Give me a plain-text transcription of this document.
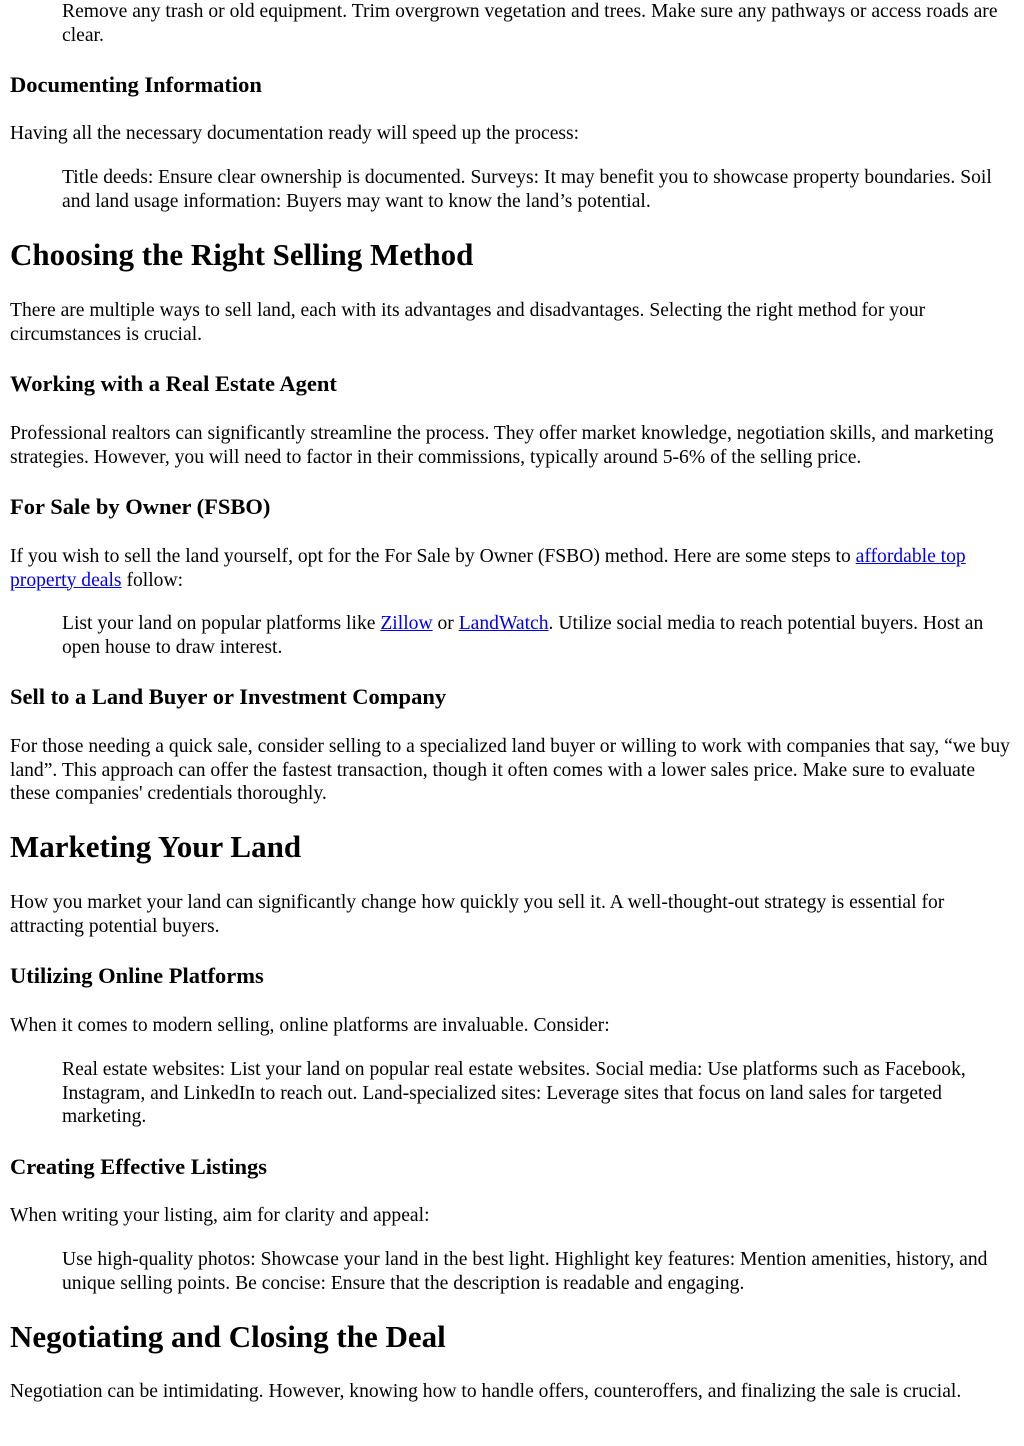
Remove any trash or old equipment. Trim overgrown vegetation and trees. Make sure any pathways or access roads are clear.

Documenting Information

Having all the necessary documentation ready will speed up the process:

Title deeds: Ensure clear ownership is documented. Surveys: It may benefit you to showcase property boundaries. Soil and land usage information: Buyers may want to know the land’s potential.

Choosing the Right Selling Method

There are multiple ways to sell land, each with its advantages and disadvantages. Selecting the right method for your circumstances is crucial.

Working with a Real Estate Agent

Professional realtors can significantly streamline the process. They offer market knowledge, negotiation skills, and marketing strategies. However, you will need to factor in their commissions, typically around 5-6% of the selling price.

For Sale by Owner (FSBO)

If you wish to sell the land yourself, opt for the For Sale by Owner (FSBO) method. Here are some steps to affordable top property deals follow:

List your land on popular platforms like Zillow or LandWatch. Utilize social media to reach potential buyers. Host an open house to draw interest.

Sell to a Land Buyer or Investment Company

For those needing a quick sale, consider selling to a specialized land buyer or willing to work with companies that say, “we buy land”. This approach can offer the fastest transaction, though it often comes with a lower sales price. Make sure to evaluate these companies' credentials thoroughly.

Marketing Your Land

How you market your land can significantly change how quickly you sell it. A well-thought-out strategy is essential for attracting potential buyers.

Utilizing Online Platforms

When it comes to modern selling, online platforms are invaluable. Consider:

Real estate websites: List your land on popular real estate websites. Social media: Use platforms such as Facebook, Instagram, and LinkedIn to reach out. Land-specialized sites: Leverage sites that focus on land sales for targeted marketing.

Creating Effective Listings

When writing your listing, aim for clarity and appeal:

Use high-quality photos: Showcase your land in the best light. Highlight key features: Mention amenities, history, and unique selling points. Be concise: Ensure that the description is readable and engaging.

Negotiating and Closing the Deal

Negotiation can be intimidating. However, knowing how to handle offers, counteroffers, and finalizing the sale is crucial.
